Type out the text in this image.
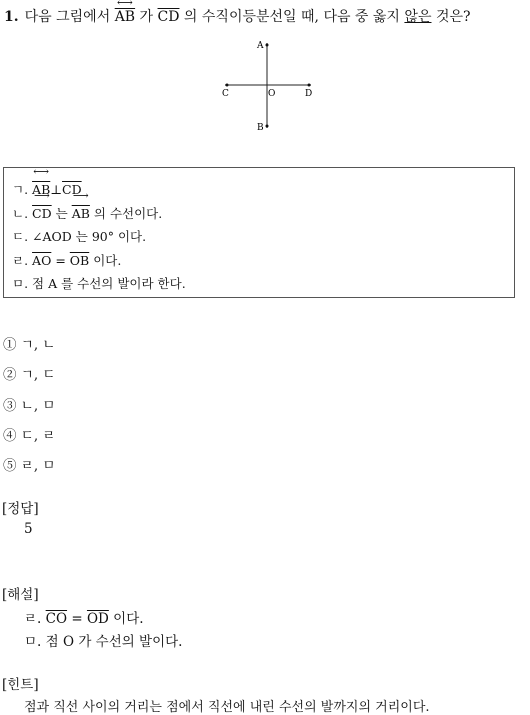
1. 다음 그림에서 ⟷ $\overline{AB}$ 가 $\overline{CD}$ 의 수직이등분선일 때, 다음 중 옳지 않은 것은?
A
B
C	O	D
ㄱ. ⟷ $\overline{AB}\perp\overline{CD}$
ㄴ. ⟶ $\overline{CD}$ 는 ⟶ $\overline{AB}$ 의 수선이다.
ㄷ. ∠AOD 는 90° 이다.
ㄹ. $\overline{AO} = \overline{OB}$ 이다.
ㅁ. 점 A 를 수선의 발이라 한다.
① ㄱ, ㄴ
② ㄱ, ㄷ
③ ㄴ, ㅁ
④ ㄷ, ㄹ
⑤ ㄹ, ㅁ
[정답]
5
[해설]
ㄹ. $\overline{CO} = \overline{OD}$ 이다.
ㅁ. 점 O 가 수선의 발이다.
[힌트]
점과 직선 사이의 거리는 점에서 직선에 내린 수선의 발까지의 거리이다.
